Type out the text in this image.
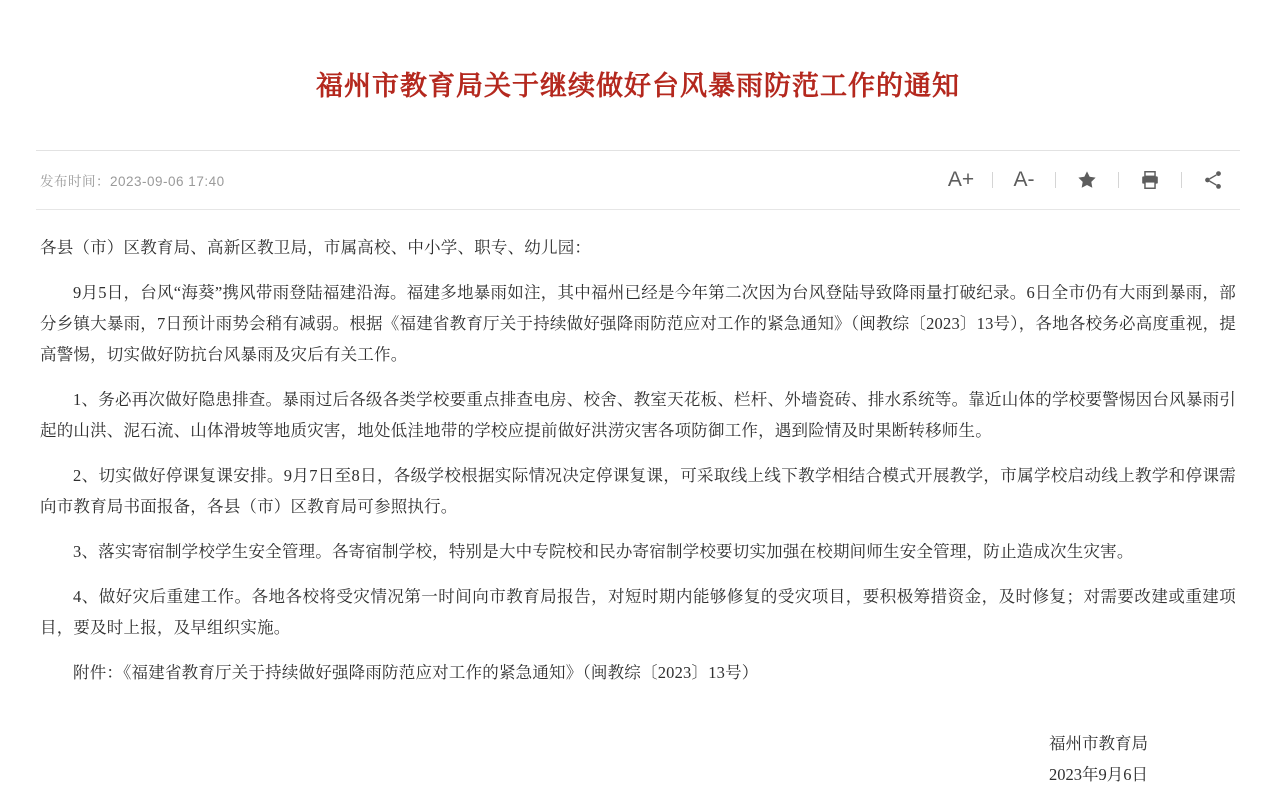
福州市教育局关于继续做好台风暴雨防范工作的通知
发布时间：2023-09-06 17:40	A+	A-

各县（市）区教育局、高新区教卫局，市属高校、中小学、职专、幼儿园：

9月5日，台风“海葵”携风带雨登陆福建沿海。福建多地暴雨如注，其中福州已经是今年第二次因为台风登陆导致降雨量打破纪录。6日全市仍有大雨到暴雨，部分乡镇大暴雨，7日预计雨势会稍有减弱。根据《福建省教育厅关于持续做好强降雨防范应对工作的紧急通知》（闽教综〔2023〕13号），各地各校务必高度重视，提高警惕，切实做好防抗台风暴雨及灾后有关工作。

1、务必再次做好隐患排查。暴雨过后各级各类学校要重点排查电房、校舍、教室天花板、栏杆、外墙瓷砖、排水系统等。靠近山体的学校要警惕因台风暴雨引起的山洪、泥石流、山体滑坡等地质灾害，地处低洼地带的学校应提前做好洪涝灾害各项防御工作，遇到险情及时果断转移师生。

2、切实做好停课复课安排。9月7日至8日，各级学校根据实际情况决定停课复课，可采取线上线下教学相结合模式开展教学，市属学校启动线上教学和停课需向市教育局书面报备，各县（市）区教育局可参照执行。

3、落实寄宿制学校学生安全管理。各寄宿制学校，特别是大中专院校和民办寄宿制学校要切实加强在校期间师生安全管理，防止造成次生灾害。

4、做好灾后重建工作。各地各校将受灾情况第一时间向市教育局报告，对短时期内能够修复的受灾项目，要积极筹措资金，及时修复；对需要改建或重建项目，要及时上报，及早组织实施。

附件：《福建省教育厅关于持续做好强降雨防范应对工作的紧急通知》（闽教综〔2023〕13号）

福州市教育局
2023年9月6日
